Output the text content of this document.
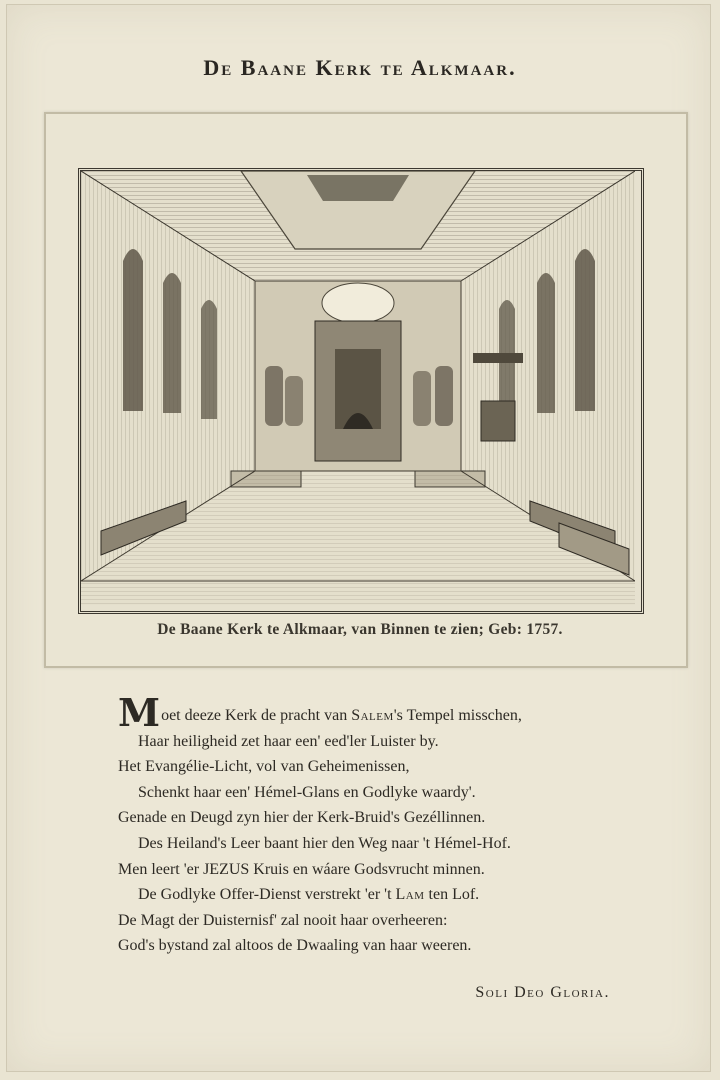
De Baane Kerk te Alkmaar.
De Baane Kerk te Alkmaar, van Binnen te zien; Geb: 1757.
Moet deeze Kerk de pracht van Salem's Tempel misschen,
Haar heiligheid zet haar een' eed'ler Luister by.
Het Evangélie-Licht, vol van Geheimenissen,
Schenkt haar een' Hémel-Glans en Godlyke waardy'.
Genade en Deugd zyn hier der Kerk-Bruid's Gezéllinnen.
Des Heiland's Leer baant hier den Weg naar 't Hémel-Hof.
Men leert 'er JEZUS Kruis en wáare Godsvrucht minnen.
De Godlyke Offer-Dienst verstrekt 'er 't Lam ten Lof.
De Magt der Duisternisf' zal nooit haar overheeren:
God's bystand zal altoos de Dwaaling van haar weeren.
Soli Deo Gloria.
